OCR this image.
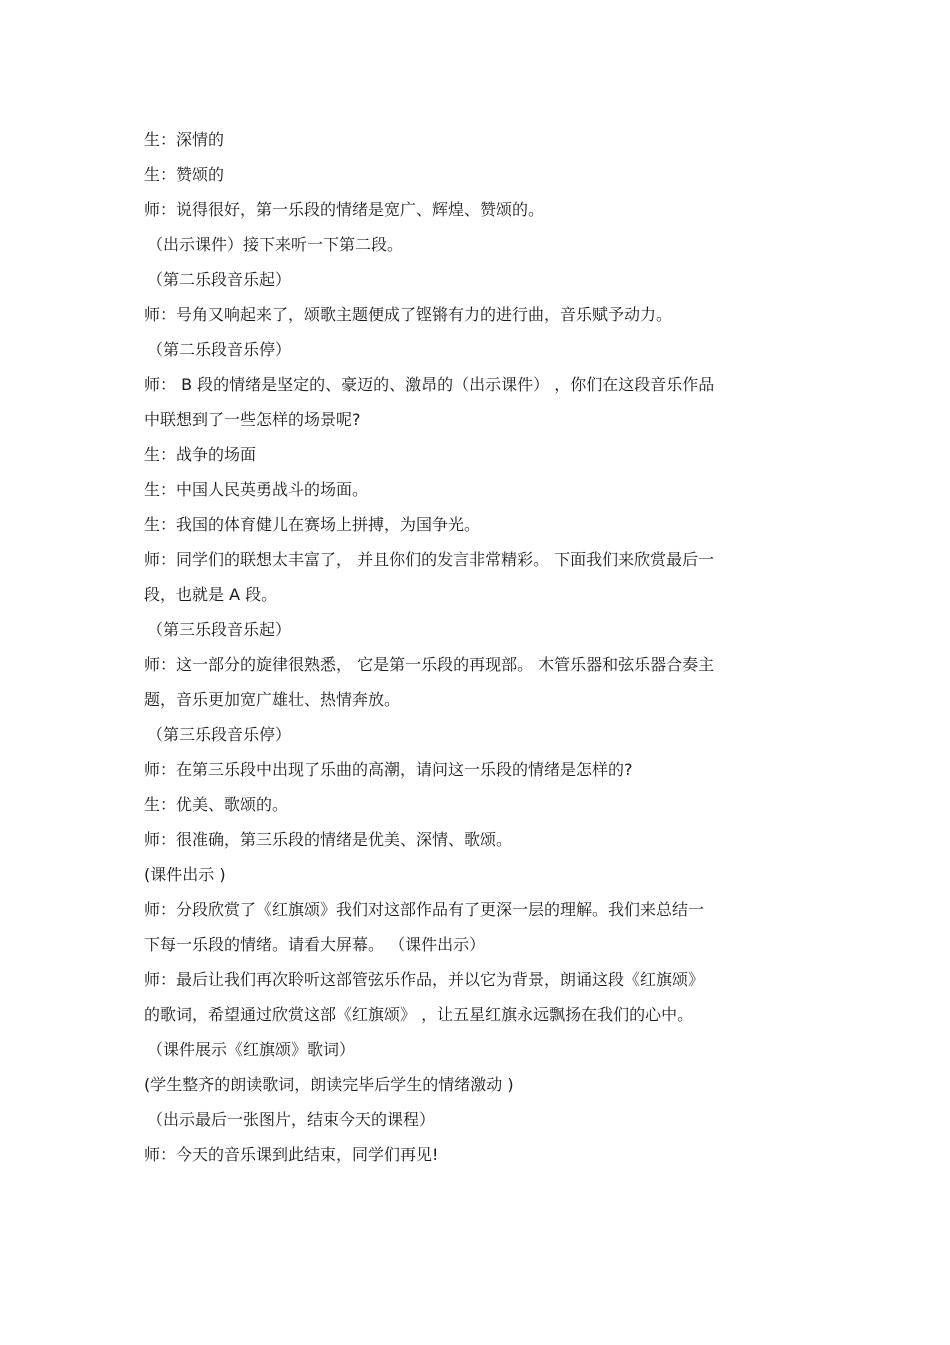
生：深情的
生：赞颂的
师：说得很好，第一乐段的情绪是宽广、辉煌、赞颂的。
（出示课件）接下来听一下第二段。
（第二乐段音乐起）
师：号角又响起来了，颂歌主题便成了铿锵有力的进行曲，音乐赋予动力。
（第二乐段音乐停）
师： B 段的情绪是坚定的、豪迈的、激昂的（出示课件） ，你们在这段音乐作品
中联想到了一些怎样的场景呢?
生：战争的场面
生：中国人民英勇战斗的场面。
生：我国的体育健儿在赛场上拼搏，为国争光。
师：同学们的联想太丰富了， 并且你们的发言非常精彩。 下面我们来欣赏最后一
段，也就是 A 段。
（第三乐段音乐起）
师：这一部分的旋律很熟悉， 它是第一乐段的再现部。 木管乐器和弦乐器合奏主
题，音乐更加宽广雄壮、热情奔放。
（第三乐段音乐停）
师：在第三乐段中出现了乐曲的高潮，请问这一乐段的情绪是怎样的?
生：优美、歌颂的。
师：很准确，第三乐段的情绪是优美、深情、歌颂。
(课件出示 )
师：分段欣赏了《红旗颂》我们对这部作品有了更深一层的理解。我们来总结一
下每一乐段的情绪。请看大屏幕。 （课件出示）
师：最后让我们再次聆听这部管弦乐作品，并以它为背景，朗诵这段《红旗颂》
的歌词，希望通过欣赏这部《红旗颂》 ，让五星红旗永远飘扬在我们的心中。
（课件展示《红旗颂》歌词）
(学生整齐的朗读歌词，朗读完毕后学生的情绪激动 )
（出示最后一张图片，结束今天的课程）
师：今天的音乐课到此结束，同学们再见!
